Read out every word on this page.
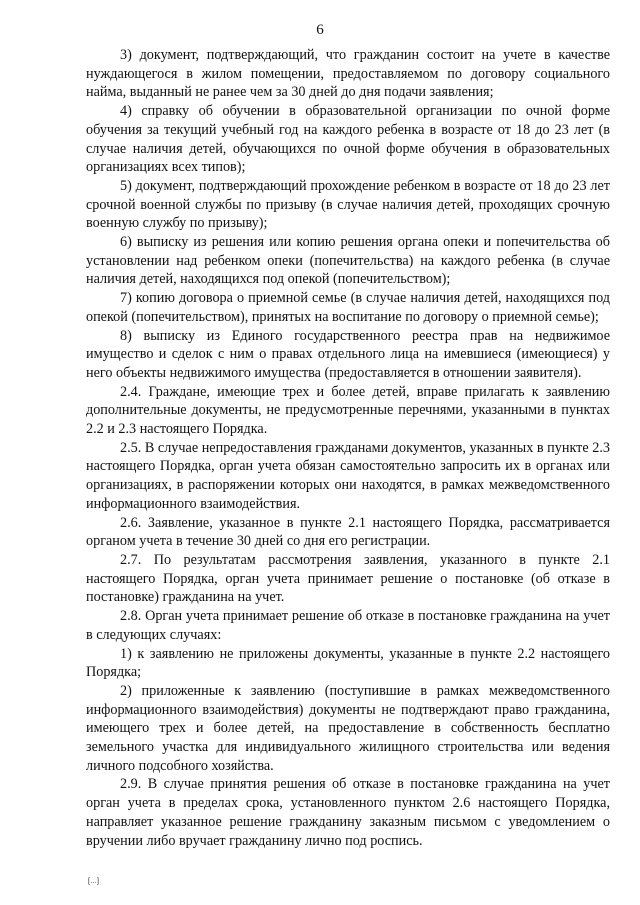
6

3) документ, подтверждающий, что гражданин состоит на учете в качестве нуждающегося в жилом помещении, предоставляемом по договору социального найма, выданный не ранее чем за 30 дней до дня подачи заявления;

4) справку об обучении в образовательной организации по очной форме обучения за текущий учебный год на каждого ребенка в возрасте от 18 до 23 лет (в случае наличия детей, обучающихся по очной форме обучения в образовательных организациях всех типов);

5) документ, подтверждающий прохождение ребенком в возрасте от 18 до 23 лет срочной военной службы по призыву (в случае наличия детей, проходящих срочную военную службу по призыву);

6) выписку из решения или копию решения органа опеки и попечительства об установлении над ребенком опеки (попечительства) на каждого ребенка (в случае наличия детей, находящихся под опекой (попечительством);

7) копию договора о приемной семье (в случае наличия детей, находящихся под опекой (попечительством), принятых на воспитание по договору о приемной семье);

8) выписку из Единого государственного реестра прав на недвижимое имущество и сделок с ним о правах отдельного лица на имевшиеся (имеющиеся) у него объекты недвижимого имущества (предоставляется в отношении заявителя).

2.4. Граждане, имеющие трех и более детей, вправе прилагать к заявлению дополнительные документы, не предусмотренные перечнями, указанными в пунктах 2.2 и 2.3 настоящего Порядка.

2.5. В случае непредоставления гражданами документов, указанных в пункте 2.3 настоящего Порядка, орган учета обязан самостоятельно запросить их в органах или организациях, в распоряжении которых они находятся, в рамках межведомственного информационного взаимодействия.

2.6. Заявление, указанное в пункте 2.1 настоящего Порядка, рассматривается органом учета в течение 30 дней со дня его регистрации.

2.7. По результатам рассмотрения заявления, указанного в пункте 2.1 настоящего Порядка, орган учета принимает решение о постановке (об отказе в постановке) гражданина на учет.

2.8. Орган учета принимает решение об отказе в постановке гражданина на учет в следующих случаях:

1) к заявлению не приложены документы, указанные в пункте 2.2 настоящего Порядка;

2) приложенные к заявлению (поступившие в рамках межведомственного информационного взаимодействия) документы не подтверждают право гражданина, имеющего трех и более детей, на предоставление в собственность бесплатно земельного участка для индивидуального жилищного строительства или ведения личного подсобного хозяйства.

2.9. В случае принятия решения об отказе в постановке гражданина на учет орган учета в пределах срока, установленного пунктом 2.6 настоящего Порядка, направляет указанное решение гражданину заказным письмом с уведомлением о вручении либо вручает гражданину лично под роспись.

[…]
